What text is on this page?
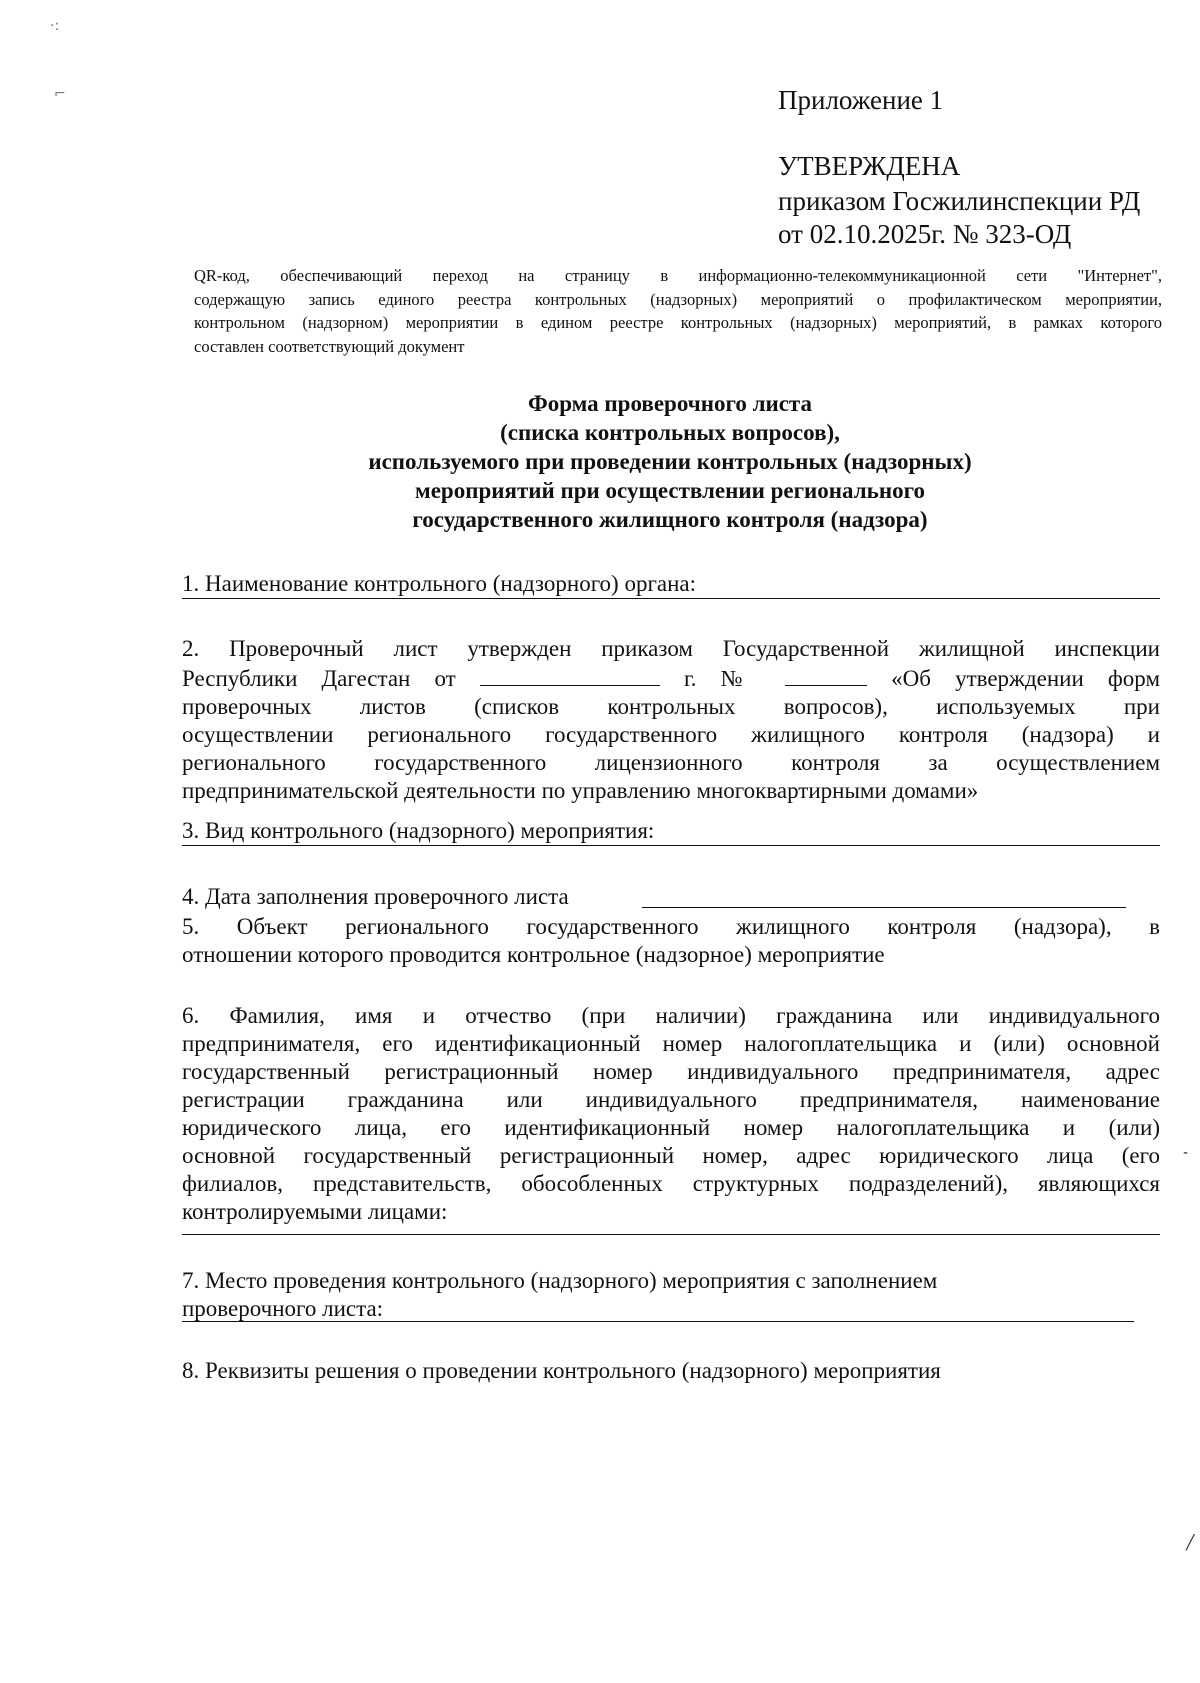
·:
⌐
‐
╱
Приложение 1
УТВЕРЖДЕНА
приказом Госжилинспекции РД
от 02.10.2025г. № 323-ОД
QR-код, обеспечивающий переход на страницу в информационно-телекоммуникационной сети "Интернет",
содержащую запись единого реестра контрольных (надзорных) мероприятий о профилактическом мероприятии,
контрольном (надзорном) мероприятии в едином реестре контрольных (надзорных) мероприятий, в рамках которого
составлен соответствующий документ
Форма проверочного листа
(списка контрольных вопросов),
используемого при проведении контрольных (надзорных)
мероприятий при осуществлении регионального
государственного жилищного контроля (надзора)
1. Наименование контрольного (надзорного) органа:
2. Проверочный лист утвержден приказом Государственной жилищной инспекции
Республики Дагестан от	г. №	«Об утверждении форм
проверочных листов (списков контрольных вопросов), используемых при
осуществлении регионального государственного жилищного контроля (надзора) и
регионального государственного лицензионного контроля за осуществлением
предпринимательской деятельности по управлению многоквартирными домами»
3. Вид контрольного (надзорного) мероприятия:
4. Дата заполнения проверочного листа
5. Объект регионального государственного жилищного контроля (надзора), в
отношении которого проводится контрольное (надзорное) мероприятие
6. Фамилия, имя и отчество (при наличии) гражданина или индивидуального
предпринимателя, его идентификационный номер налогоплательщика и (или) основной
государственный регистрационный номер индивидуального предпринимателя, адрес
регистрации гражданина или индивидуального предпринимателя, наименование
юридического лица, его идентификационный номер налогоплательщика и (или)
основной государственный регистрационный номер, адрес юридического лица (его
филиалов, представительств, обособленных структурных подразделений), являющихся
контролируемыми лицами:
7. Место проведения контрольного (надзорного) мероприятия с заполнением
проверочного листа:
8. Реквизиты решения о проведении контрольного (надзорного) мероприятия
